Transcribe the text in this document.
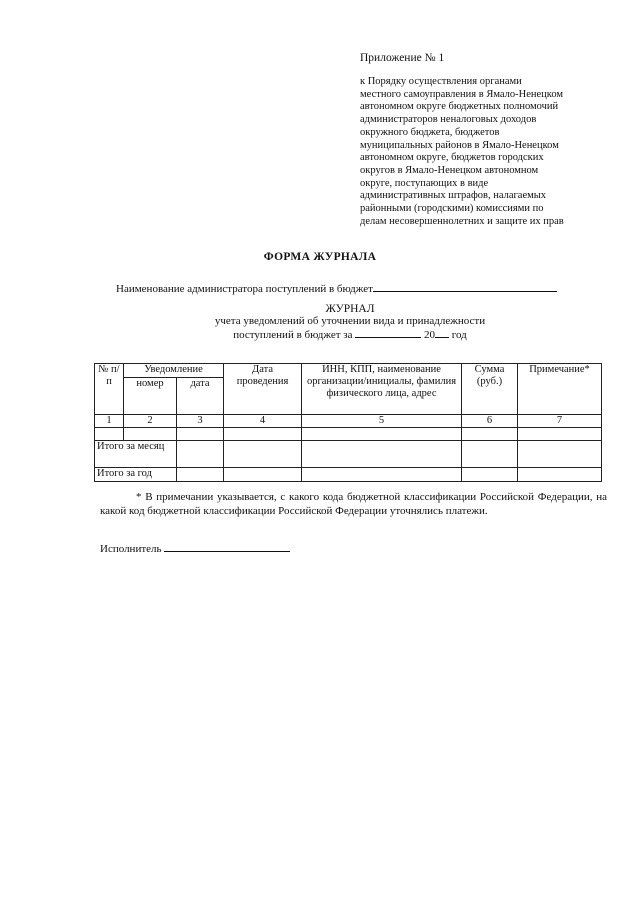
Приложение № 1
к Порядку осуществления органами
местного самоуправления в Ямало-Ненецком
автономном округе бюджетных полномочий
администраторов неналоговых доходов
окружного бюджета, бюджетов
муниципальных районов в Ямало-Ненецком
автономном округе, бюджетов городских
округов в Ямало-Ненецком автономном
округе, поступающих в виде
административных штрафов, налагаемых
районными (городскими) комиссиями по
делам несовершеннолетних и защите их прав
ФОРМА ЖУРНАЛА
Наименование администратора поступлений в бюджет
ЖУРНАЛ
учета уведомлений об уточнении вида и принадлежности
поступлений в бюджет за	20 год
№ п/п	Уведомление		Дата проведения	ИНН, КПП, наименование организации/инициалы, фамилия физического лица, адрес	Сумма (руб.)	Примечание*
	номер	дата				
1	2	3	4	5	6	7

Итого за месяц						
Итого за год						
* В примечании указывается, с какого кода бюджетной классификации Российской Федерации, на какой код бюджетной классификации Российской Федерации уточнялись платежи.
Исполнитель
